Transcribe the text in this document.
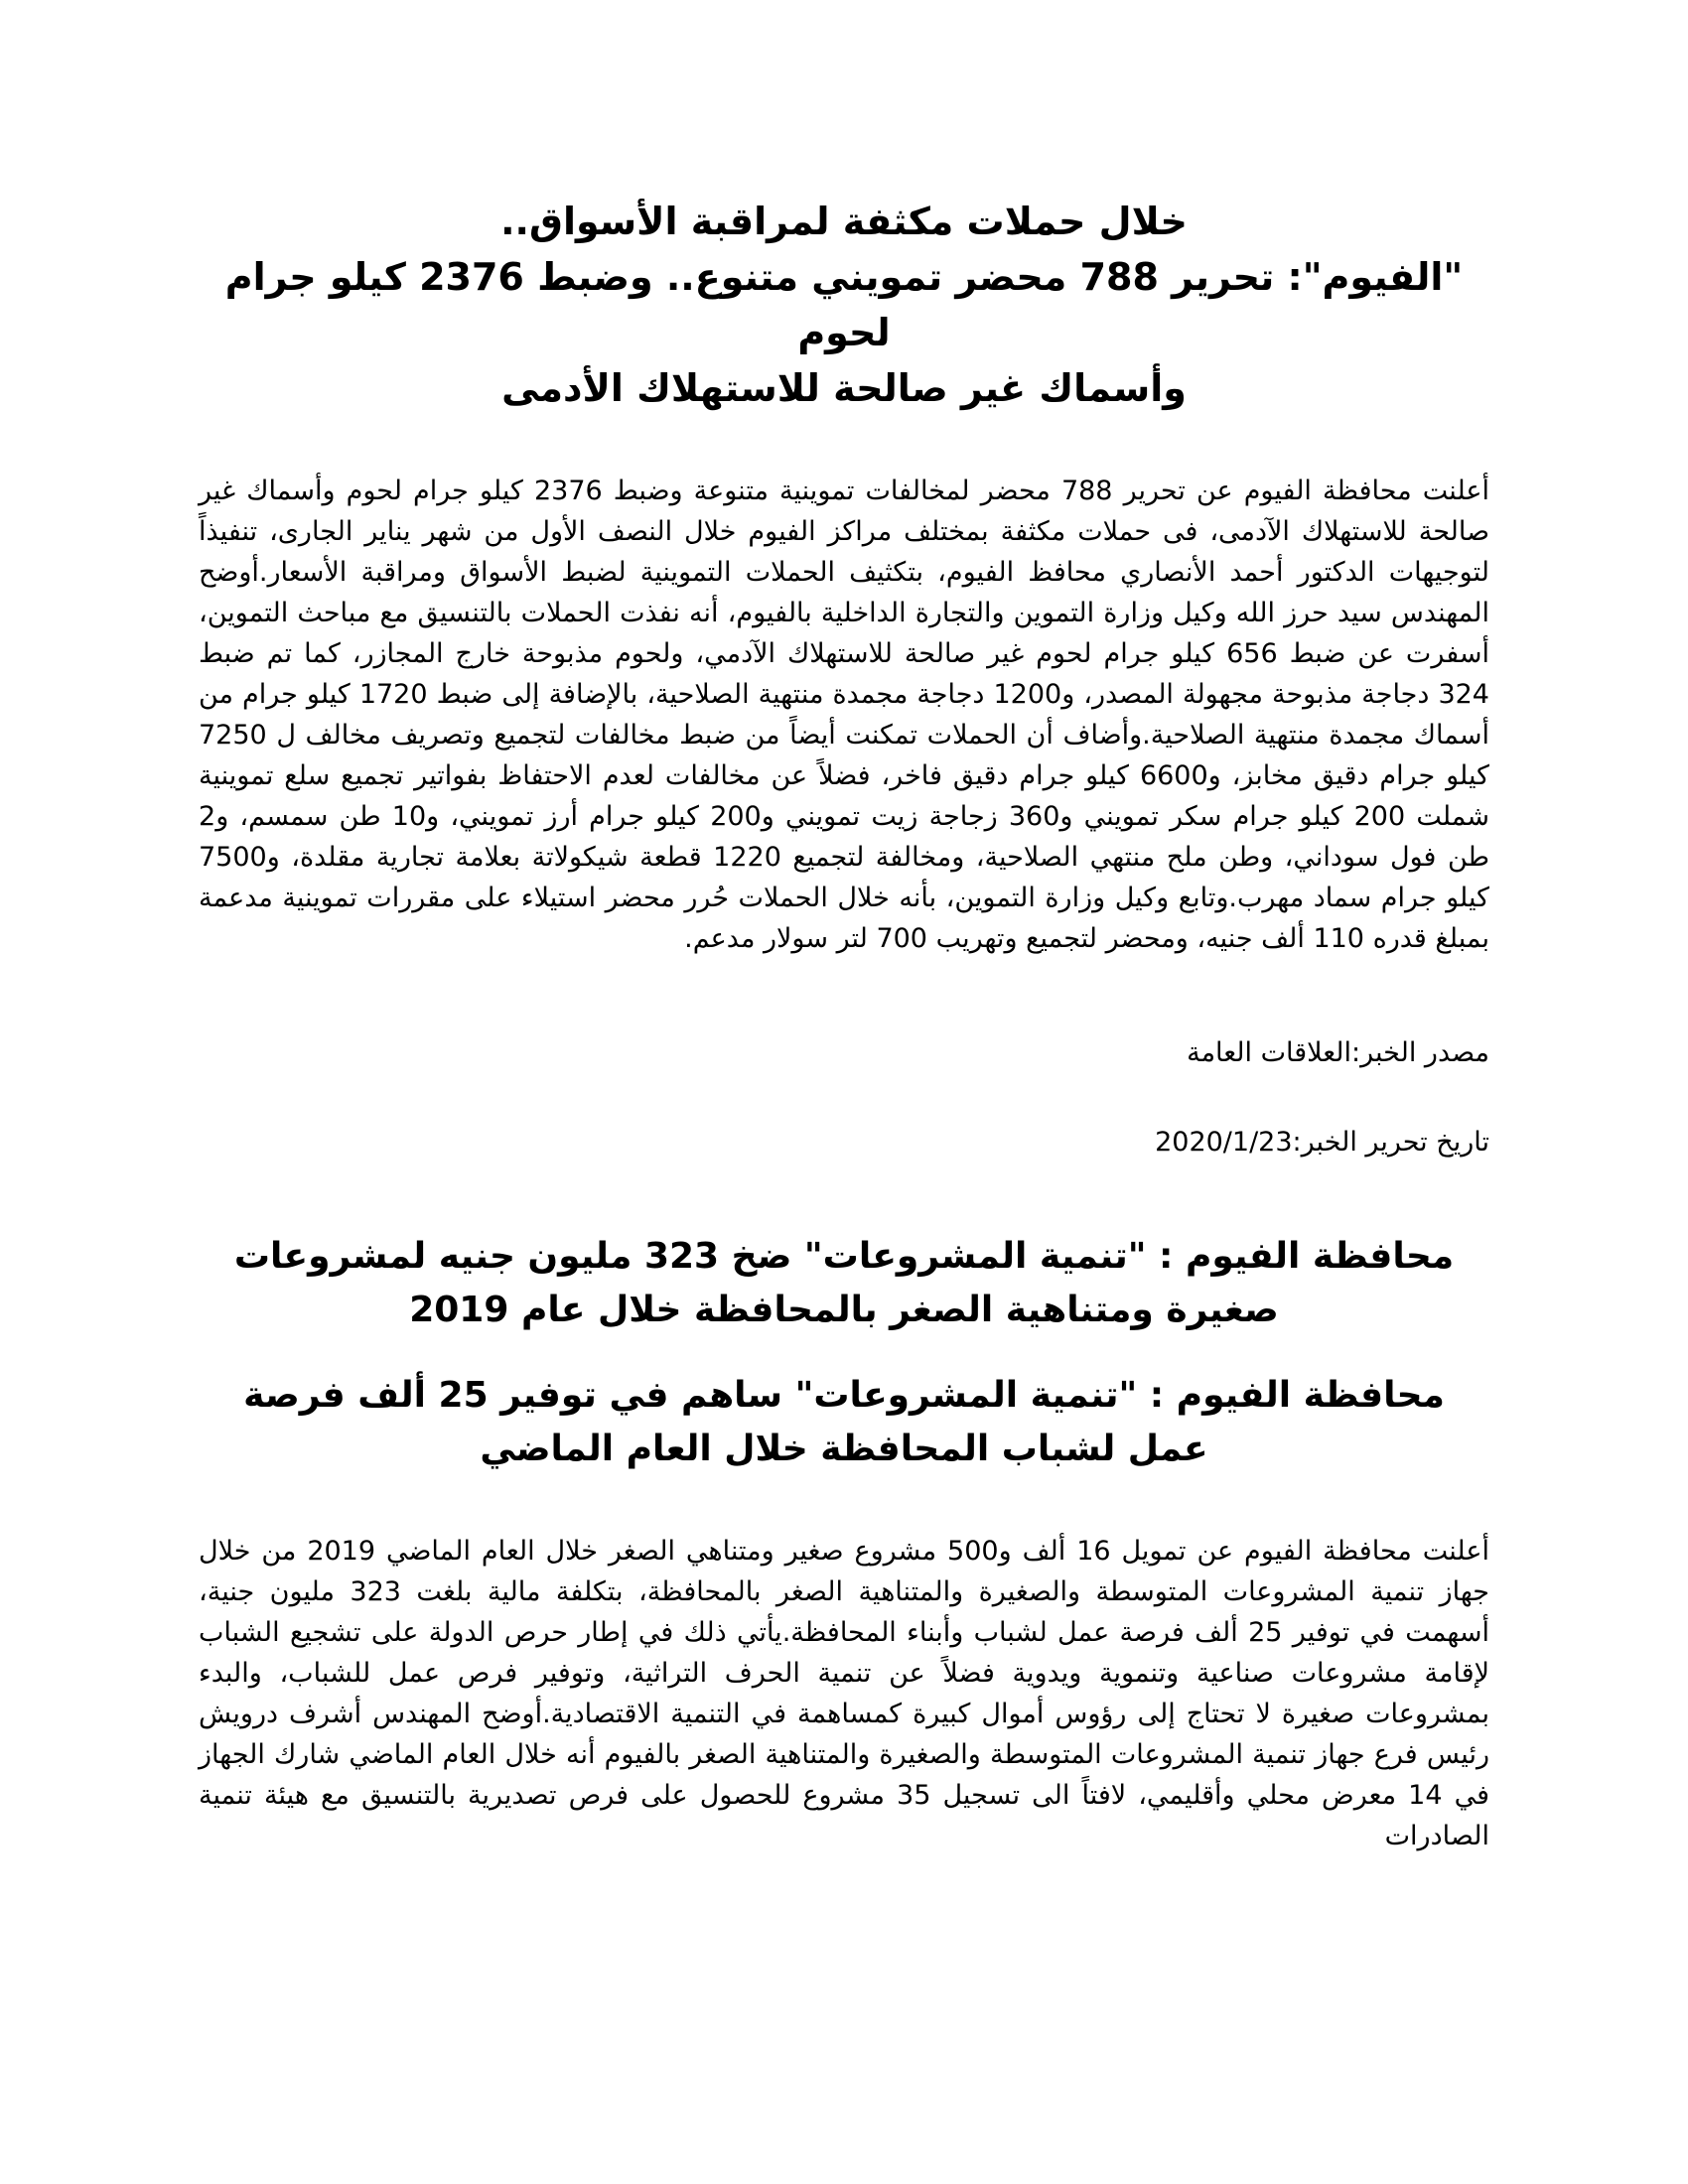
خلال حملات مكثفة لمراقبة الأسواق..
"الفيوم": تحرير 788 محضر تمويني متنوع.. وضبط 2376 كيلو جرام لحوم
وأسماك غير صالحة للاستهلاك الأدمى

أعلنت محافظة الفيوم عن تحرير 788 محضر لمخالفات تموينية متنوعة وضبط 2376 كيلو جرام لحوم وأسماك غير صالحة للاستهلاك الآدمى، فى حملات مكثفة بمختلف مراكز الفيوم خلال النصف الأول من شهر يناير الجارى، تنفيذاً لتوجيهات الدكتور أحمد الأنصاري محافظ الفيوم، بتكثيف الحملات التموينية لضبط الأسواق ومراقبة الأسعار.أوضح المهندس سيد حرز الله وكيل وزارة التموين والتجارة الداخلية بالفيوم، أنه نفذت الحملات بالتنسيق مع مباحث التموين، أسفرت عن ضبط 656 كيلو جرام لحوم غير صالحة للاستهلاك الآدمي، ولحوم مذبوحة خارج المجازر، كما تم ضبط 324 دجاجة مذبوحة مجهولة المصدر، و1200 دجاجة مجمدة منتهية الصلاحية، بالإضافة إلى ضبط 1720 كيلو جرام من أسماك مجمدة منتهية الصلاحية.وأضاف أن الحملات تمكنت أيضاً من ضبط مخالفات لتجميع وتصريف مخالف ل 7250 كيلو جرام دقيق مخابز، و6600 كيلو جرام دقيق فاخر، فضلاً عن مخالفات لعدم الاحتفاظ بفواتير تجميع سلع تموينية شملت 200 كيلو جرام سكر تمويني و360 زجاجة زيت تمويني و200 كيلو جرام أرز تمويني، و10 طن سمسم، و2 طن فول سوداني، وطن ملح منتهي الصلاحية، ومخالفة لتجميع 1220 قطعة شيكولاتة بعلامة تجارية مقلدة، و7500 كيلو جرام سماد مهرب.وتابع وكيل وزارة التموين، بأنه خلال الحملات حُرر محضر استيلاء على مقررات تموينية مدعمة بمبلغ قدره 110 ألف جنيه، ومحضر لتجميع وتهريب 700 لتر سولار مدعم.

مصدر الخبر:العلاقات العامة

تاريخ تحرير الخبر:2020/1/23

محافظة الفيوم : "تنمية المشروعات" ضخ 323 مليون جنيه لمشروعات صغيرة ومتناهية الصغر بالمحافظة خلال عام 2019
محافظة الفيوم : "تنمية المشروعات" ساهم في توفير 25 ألف فرصة عمل لشباب المحافظة خلال العام الماضي

أعلنت محافظة الفيوم عن تمويل 16 ألف و500 مشروع صغير ومتناهي الصغر خلال العام الماضي 2019 من خلال جهاز تنمية المشروعات المتوسطة والصغيرة والمتناهية الصغر بالمحافظة، بتكلفة مالية بلغت 323 مليون جنية، أسهمت في توفير 25 ألف فرصة عمل لشباب وأبناء المحافظة.يأتي ذلك في إطار حرص الدولة على تشجيع الشباب لإقامة مشروعات صناعية وتنموية ويدوية فضلاً عن تنمية الحرف التراثية، وتوفير فرص عمل للشباب، والبدء بمشروعات صغيرة لا تحتاج إلى رؤوس أموال كبيرة كمساهمة في التنمية الاقتصادية.أوضح المهندس أشرف درويش رئيس فرع جهاز تنمية المشروعات المتوسطة والصغيرة والمتناهية الصغر بالفيوم أنه خلال العام الماضي شارك الجهاز في 14 معرض محلي وأقليمي، لافتاً الى تسجيل 35 مشروع للحصول على فرص تصديرية بالتنسيق مع هيئة تنمية الصادرات
